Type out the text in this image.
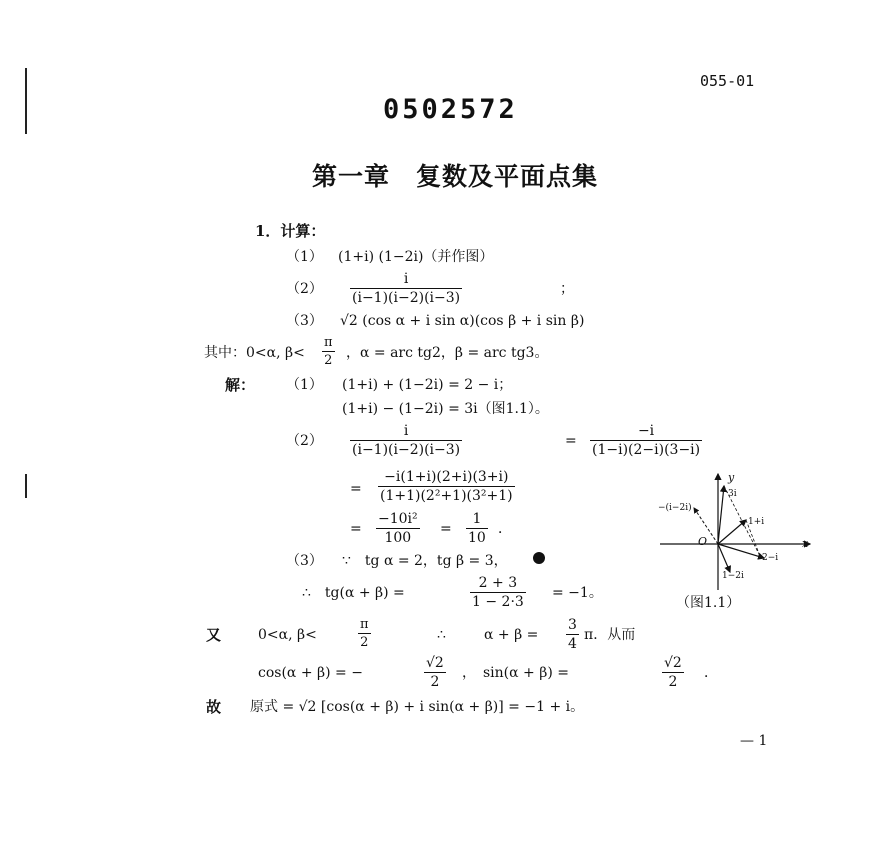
055-01
0502572
第一章　复数及平面点集
1．计算：
（1） (1+i) (1−2i)（并作图）
$(2) \frac{i}{(i-1)(i-2)(i-3)}$	；
（3） √2 (cos α + i sin α)(cos β + i sin β)
其中：0<α, $\beta< \frac{\pi}{2}$ ，α = arc tg2，β = arc tg3。
解： （1） (1+i) + (1−2i) = 2 − i；
(1+i) − (1−2i) = 3i（图1.1）。
$(2) \frac{i}{(i-1)(i-2)(i-3)}$	= $\frac{-i}{(1-i)(2-i)(3-i)}$
= $\frac{-i(1+i)(2+i)(3+i)}{\text{(1+1)(2²+1)(3²+1)}}$
= $\frac{\text{−10i²}}{100} = \frac{1}{10}$ ．
（3） ∵　tg α = 2，tg β = 3，
∴　tg(α + β) =	$\frac{2 + 3}{1 - 2\cdot 3} = -1$。
又	0<α, β<	$\frac{\pi}{2}$	∴	$\alpha + \beta = \frac{3}{4}$ π．从而
cos(α + β) = −	$\frac{√2}{2}$ ，　sin(α + β) =	$\frac{√2}{2}$ ．
故 原式 = √2 [cos(α + β) + i sin(α + β)] = −1 + i。
— 1
x
y
O
3i
−(i−2i)
1+i
2−i
1−2i
（图1.1）
